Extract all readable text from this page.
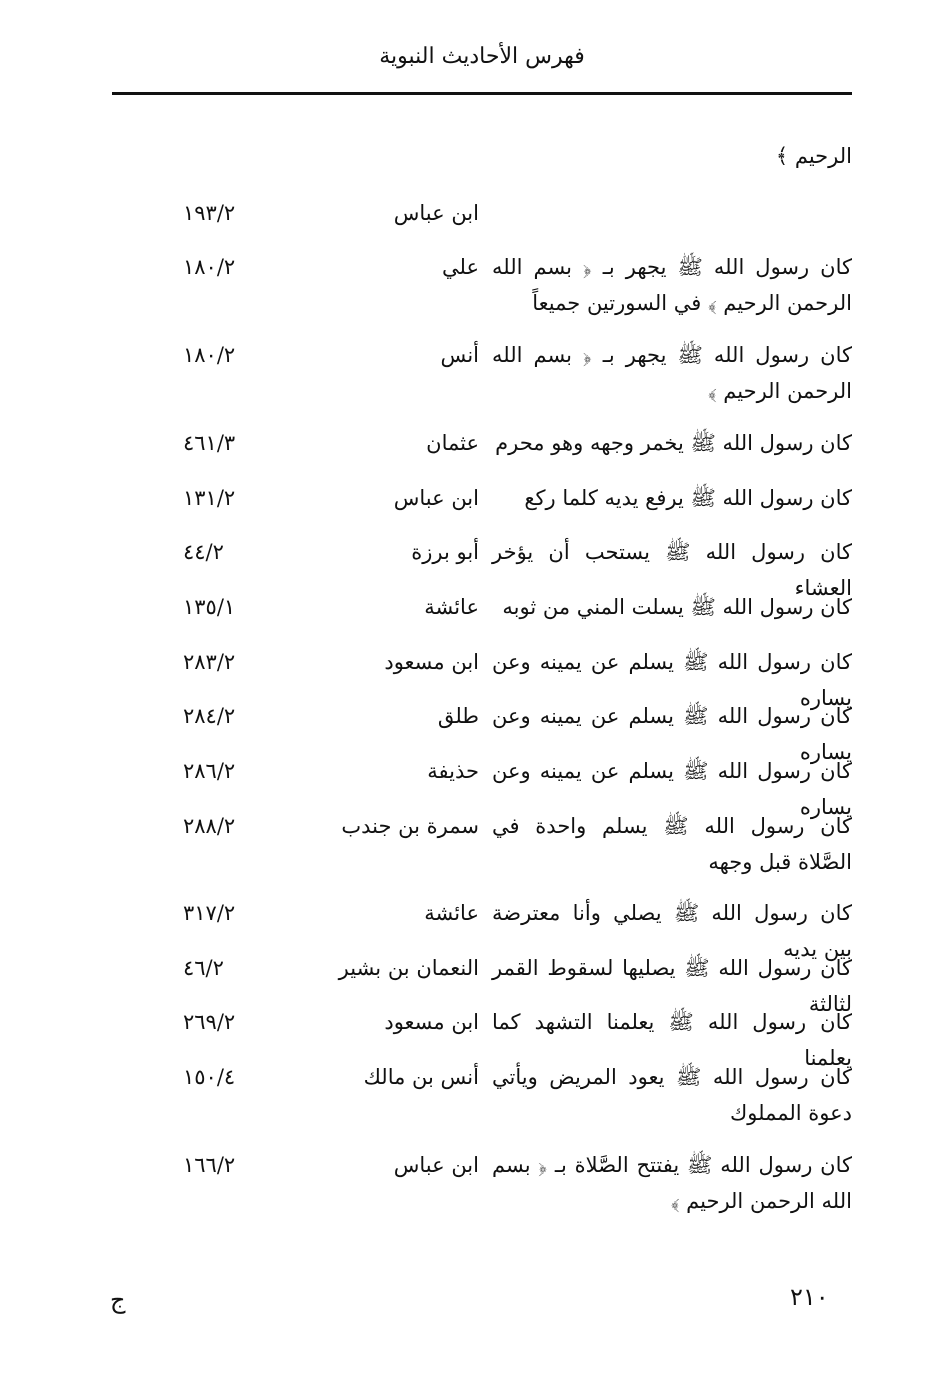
فهرس الأحاديث النبوية
الرحيم ﴾
ابن عباس
١٩٣/٢
كان رسول الله ﷺ يجهر بـ ﴿ بسم الله الرحمن الرحيم ﴾ في السورتين جميعاً
علي
١٨٠/٢
كان رسول الله ﷺ يجهر بـ ﴿ بسم الله الرحمن الرحيم ﴾
أنس
١٨٠/٢
كان رسول الله ﷺ يخمر وجهه وهو محرم
عثمان
٤٦١/٣
كان رسول الله ﷺ يرفع يديه كلما ركع
ابن عباس
١٣١/٢
كان رسول الله ﷺ يستحب أن يؤخر العشاء
أبو برزة
٤٤/٢
كان رسول الله ﷺ يسلت المني من ثوبه
عائشة
١٣٥/١
كان رسول الله ﷺ يسلم عن يمينه وعن يساره
ابن مسعود
٢٨٣/٢
كان رسول الله ﷺ يسلم عن يمينه وعن يساره
طلق
٢٨٤/٢
كان رسول الله ﷺ يسلم عن يمينه وعن يساره
حذيفة
٢٨٦/٢
كان رسول الله ﷺ يسلم واحدة في الصَّلاة قبل وجهه
سمرة بن جندب
٢٨٨/٢
كان رسول الله ﷺ يصلي وأنا معترضة بين يديه
عائشة
٣١٧/٢
كان رسول الله ﷺ يصليها لسقوط القمر لثالثة
النعمان بن بشير
٤٦/٢
كان رسول الله ﷺ يعلمنا التشهد كما يعلمنا
ابن مسعود
٢٦٩/٢
كان رسول الله ﷺ يعود المريض ويأتي دعوة المملوك
أنس بن مالك
١٥٠/٤
كان رسول الله ﷺ يفتتح الصَّلاة بـ ﴿ بسم الله الرحمن الرحيم ﴾
ابن عباس
١٦٦/٢
٢١٠
ج
